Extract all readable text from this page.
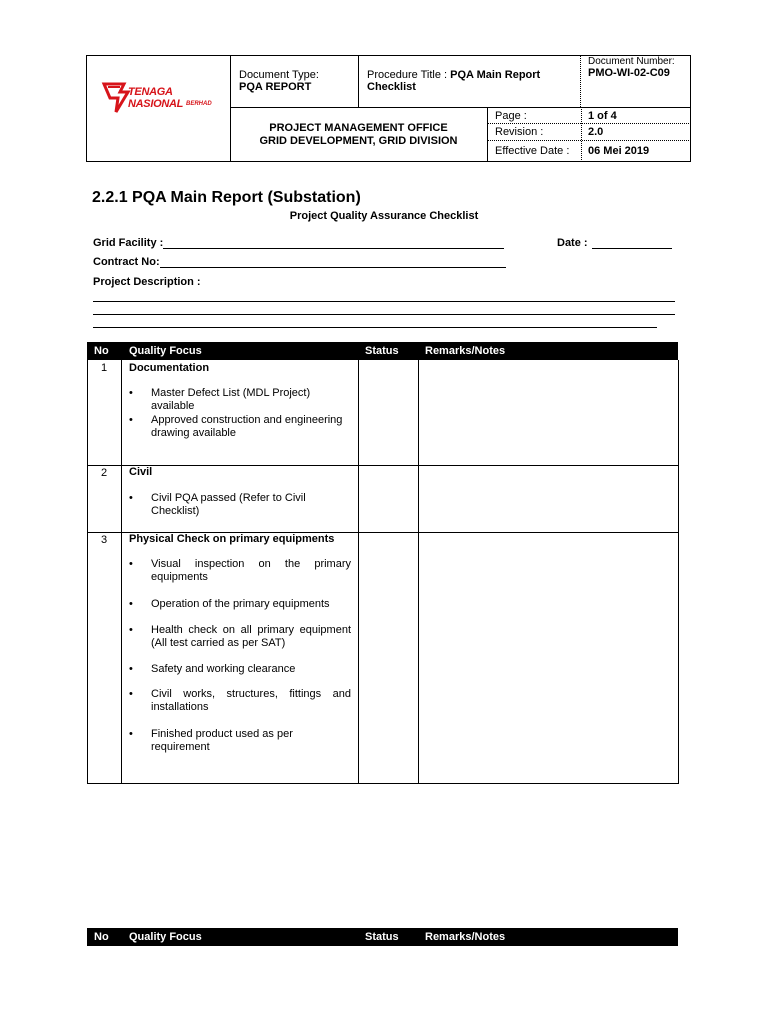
TENAGA
NASIONAL BERHAD
Document Type:
PQA REPORT
Procedure Title : PQA Main Report
Checklist
Document Number:
PMO-WI-02-C09
PROJECT MANAGEMENT OFFICE
GRID DEVELOPMENT, GRID DIVISION
Page :	1 of 4
Revision :	2.0
Effective Date : 06 Mei 2019
2.2.1 PQA Main Report (Substation)
Project Quality Assurance Checklist
Grid Facility :	Date :
Contract No:
Project Description :
No Quality Focus	Status Remarks/Notes
1	Documentation
• Master Defect List (MDL Project) available
• Approved construction and engineering drawing available
2	Civil
• Civil PQA passed (Refer to Civil Checklist)
3	Physical Check on primary equipments
• Visual inspection on the primary equipments
• Operation of the primary equipments
• Health check on all primary equipment (All test carried as per SAT)
• Safety and working clearance
• Civil works, structures, fittings and installations
• Finished product used as per requirement
No Quality Focus	Status Remarks/Notes
